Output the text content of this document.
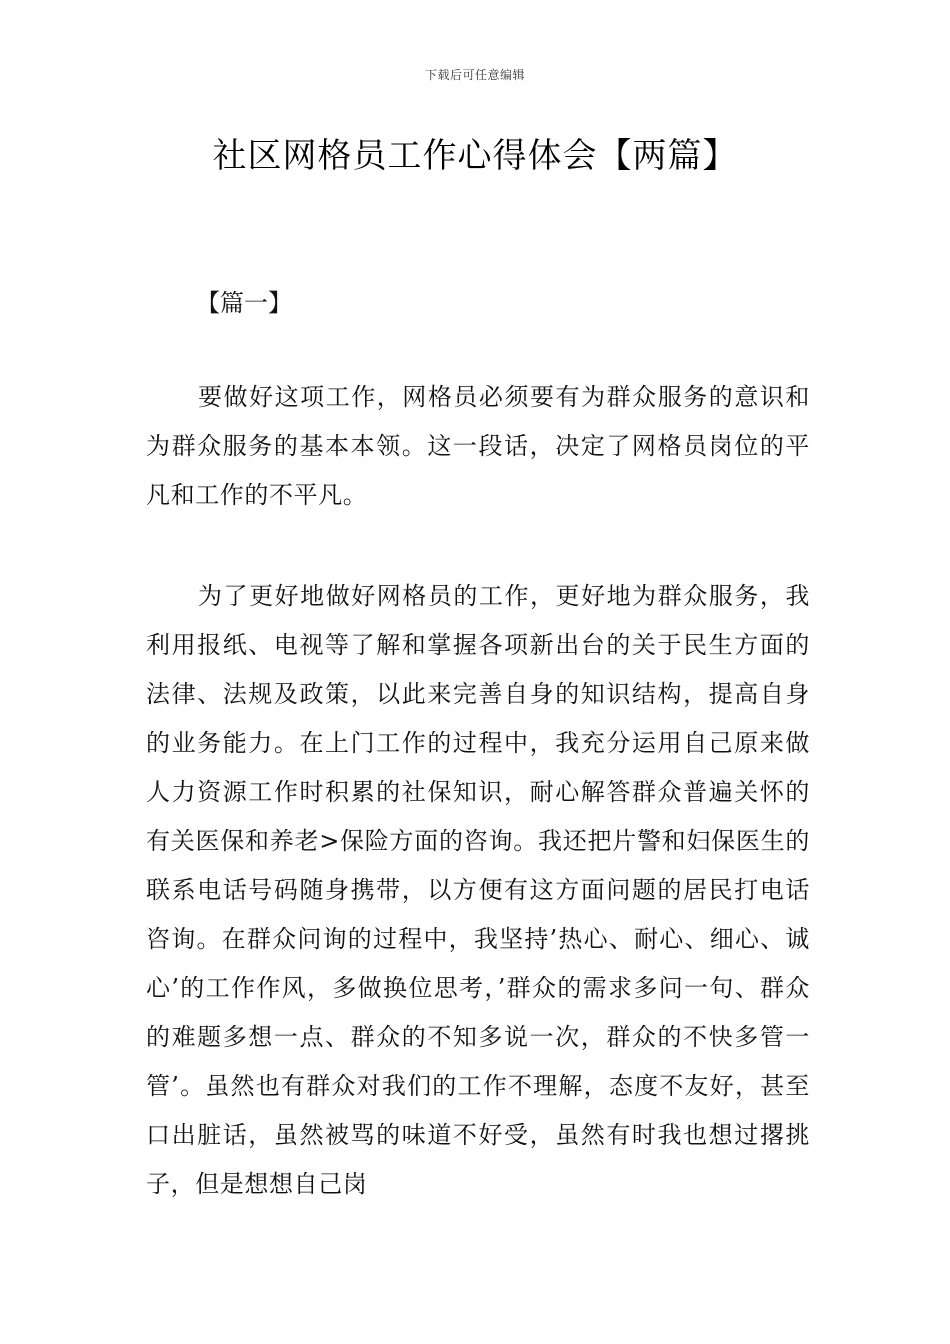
下载后可任意编辑
社区网格员工作心得体会【两篇】
【篇一】

要做好这项工作，网格员必须要有为群众服务的意识和为群众服务的基本本领。这一段话，决定了网格员岗位的平凡和工作的不平凡。

为了更好地做好网格员的工作，更好地为群众服务，我利用报纸、电视等了解和掌握各项新出台的关于民生方面的法律、法规及政策，以此来完善自身的知识结构，提高自身的业务能力。在上门工作的过程中，我充分运用自己原来做人力资源工作时积累的社保知识，耐心解答群众普遍关怀的有关医保和养老>保险方面的咨询。我还把片警和妇保医生的联系电话号码随身携带，以方便有这方面问题的居民打电话咨询。在群众问询的过程中，我坚持’热心、耐心、细心、诚心’的工作作风，多做换位思考，’群众的需求多问一句、群众的难题多想一点、群众的不知多说一次，群众的不快多管一管’。虽然也有群众对我们的工作不理解，态度不友好，甚至口出脏话，虽然被骂的味道不好受，虽然有时我也想过撂挑子，但是想想自己岗
